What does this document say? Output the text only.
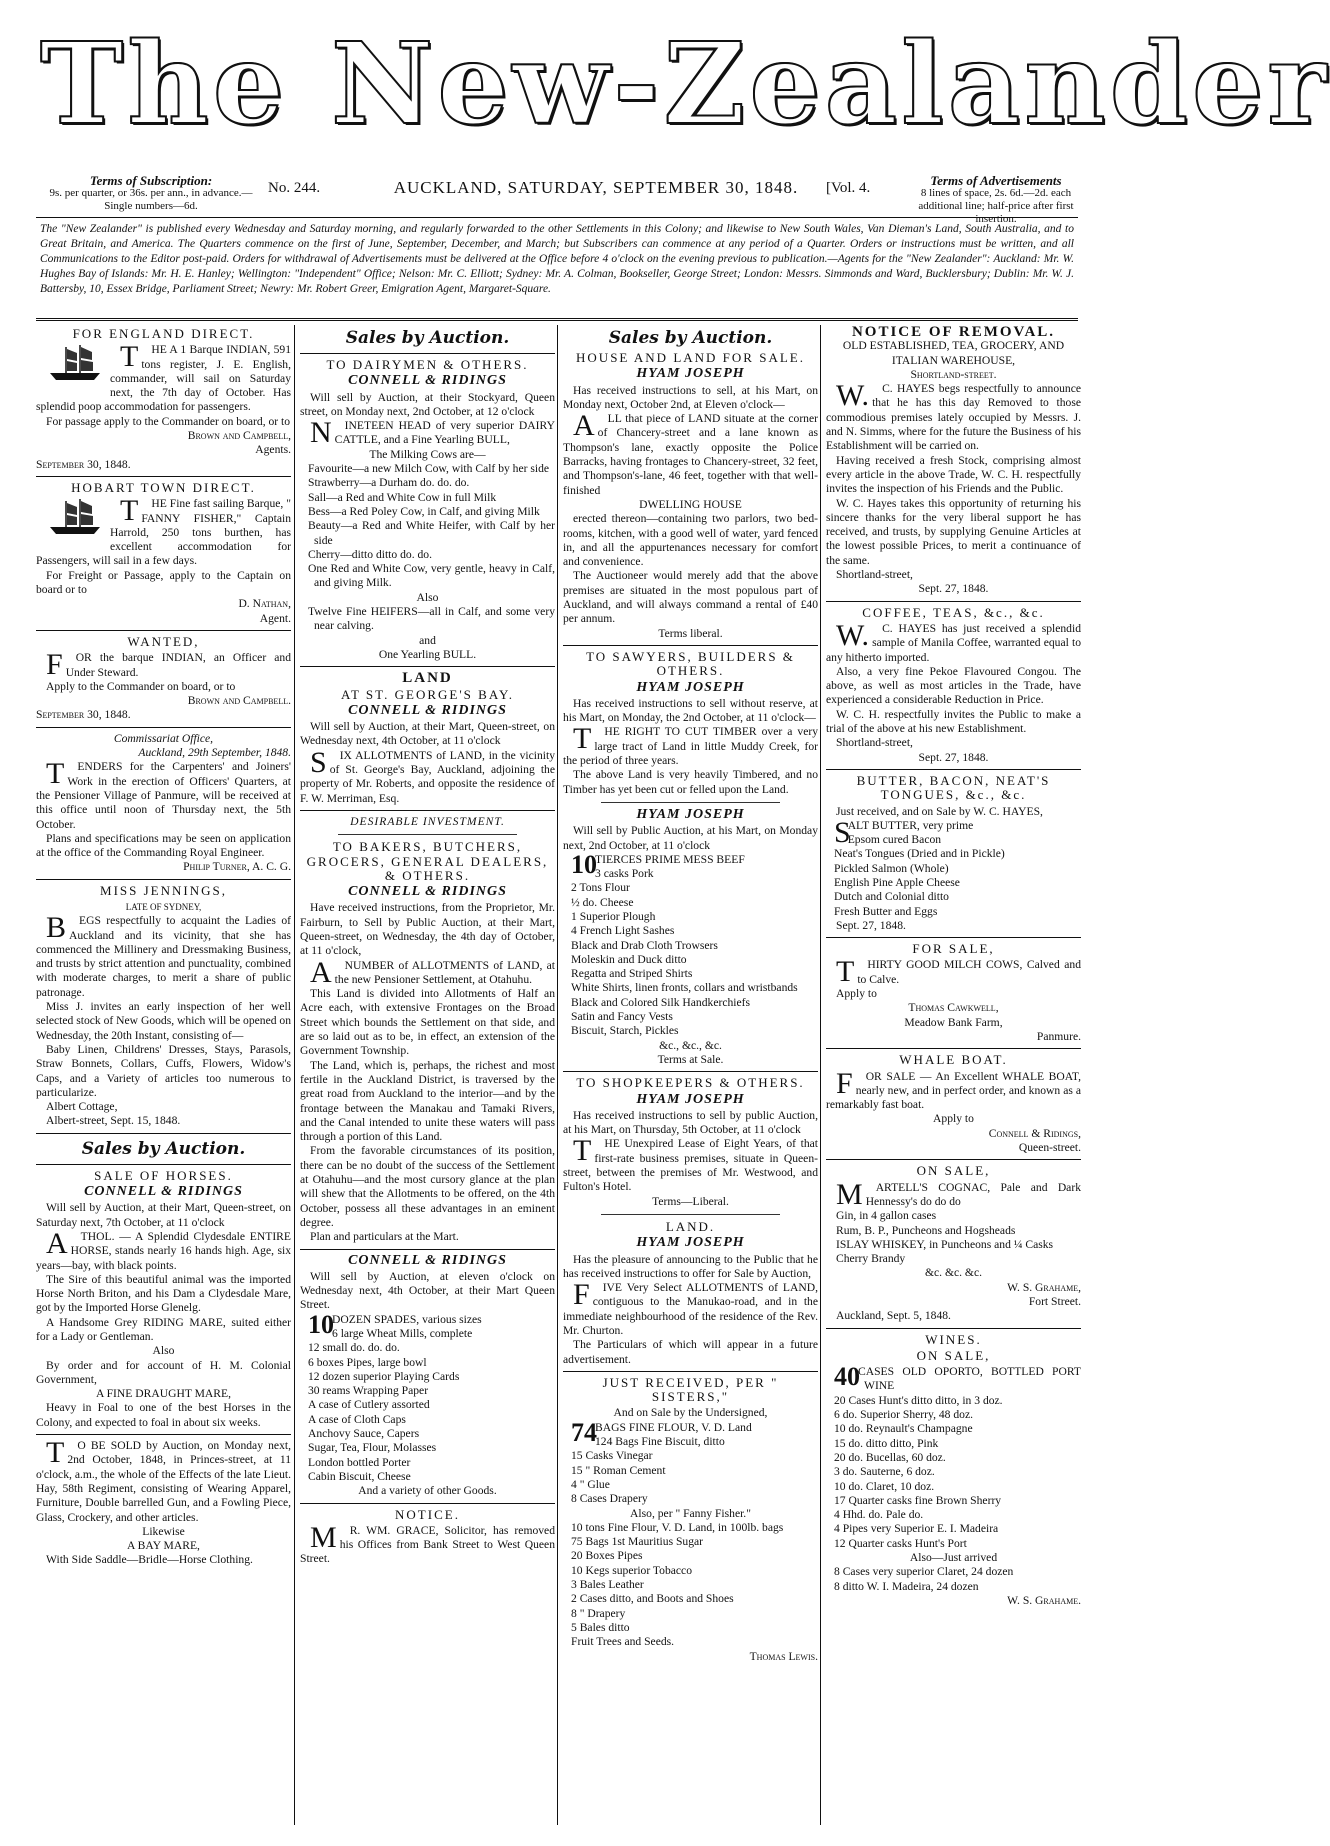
The New-Zealander
Terms of Subscription:
9s. per quarter, or 36s. per ann., in advance.—Single numbers—6d.
No. 244.	AUCKLAND, SATURDAY, SEPTEMBER 30, 1848.	[Vol. 4.	Terms of Advertisements
8 lines of space, 2s. 6d.—2d. each additional line; half-price after first insertion.
The "New Zealander" is published every Wednesday and Saturday morning, and regularly forwarded to the other Settlements in this Colony; and likewise to New South Wales, Van Dieman's Land, South Australia, and to Great Britain, and America. The Quarters commence on the first of June, September, December, and March; but Subscribers can commence at any period of a Quarter. Orders or instructions must be written, and all Communications to the Editor post-paid. Orders for withdrawal of Advertisements must be delivered at the Office before 4 o'clock on the evening previous to publication.—Agents for the "New Zealander": Auckland: Mr. W. Hughes Bay of Islands: Mr. H. E. Hanley; Wellington: "Independent" Office; Nelson: Mr. C. Elliott; Sydney: Mr. A. Colman, Bookseller, George Street; London: Messrs. Simmonds and Ward, Bucklersbury; Dublin: Mr. W. J. Battersby, 10, Essex Bridge, Parliament Street; Newry: Mr. Robert Greer, Emigration Agent, Margaret-Square.
FOR ENGLAND DIRECT.

T HE A 1 Barque INDIAN, 591 tons register, J. E. English, commander, will sail on Saturday next, the 7th day of October. Has splendid poop accommodation for passengers.

For passage apply to the Commander on board, or to

Brown and Campbell,

Agents.

September 30, 1848.

HOBART TOWN DIRECT.

T HE Fine fast sailing Barque, " FANNY FISHER," Captain Harrold, 250 tons burthen, has excellent accommodation for Passengers, will sail in a few days.

For Freight or Passage, apply to the Captain on board or to

D. Nathan,

Agent.

WANTED,

F OR the barque INDIAN, an Officer and Under Steward.

Apply to the Commander on board, or to

Brown and Campbell.

September 30, 1848.

Commissariat Office,

Auckland, 29th September, 1848.

T ENDERS for the Carpenters' and Joiners' Work in the erection of Officers' Quarters, at the Pensioner Village of Panmure, will be received at this office until noon of Thursday next, the 5th October.

Plans and specifications may be seen on application at the office of the Commanding Royal Engineer.

Philip Turner, A. C. G.

MISS JENNINGS,

LATE OF SYDNEY,

B EGS respectfully to acquaint the Ladies of Auckland and its vicinity, that she has commenced the Millinery and Dressmaking Business, and trusts by strict attention and punctuality, combined with moderate charges, to merit a share of public patronage.

Miss J. invites an early inspection of her well selected stock of New Goods, which will be opened on Wednesday, the 20th Instant, consisting of—

Baby Linen, Childrens' Dresses, Stays, Parasols, Straw Bonnets, Collars, Cuffs, Flowers, Widow's Caps, and a Variety of articles too numerous to particularize.

Albert Cottage,

Albert-street, Sept. 15, 1848.

Sales by Auction.
SALE OF HORSES.
CONNELL & RIDINGS

Will sell by Auction, at their Mart, Queen-street, on Saturday next, 7th October, at 11 o'clock

A THOL. — A Splendid Clydesdale ENTIRE HORSE, stands nearly 16 hands high. Age, six years—bay, with black points.

The Sire of this beautiful animal was the imported Horse North Briton, and his Dam a Clydesdale Mare, got by the Imported Horse Glenelg.

A Handsome Grey RIDING MARE, suited either for a Lady or Gentleman.

Also

By order and for account of H. M. Colonial Government,

A FINE DRAUGHT MARE,

Heavy in Foal to one of the best Horses in the Colony, and expected to foal in about six weeks.

T O BE SOLD by Auction, on Monday next, 2nd October, 1848, in Princes-street, at 11 o'clock, a.m., the whole of the Effects of the late Lieut. Hay, 58th Regiment, consisting of Wearing Apparel, Furniture, Double barrelled Gun, and a Fowling Piece, Glass, Crockery, and other articles.

Likewise

A BAY MARE,

With Side Saddle—Bridle—Horse Clothing.

Sales by Auction.
TO DAIRYMEN & OTHERS.
CONNELL & RIDINGS

Will sell by Auction, at their Stockyard, Queen street, on Monday next, 2nd October, at 12 o'clock

N INETEEN HEAD of very superior DAIRY CATTLE, and a Fine Yearling BULL,

The Milking Cows are—

Favourite—a new Milch Cow, with Calf by her side

Strawberry—a Durham do. do. do.

Sall—a Red and White Cow in full Milk

Bess—a Red Poley Cow, in Calf, and giving Milk

Beauty—a Red and White Heifer, with Calf by her side

Cherry—ditto ditto do. do.

One Red and White Cow, very gentle, heavy in Calf, and giving Milk.

Also

Twelve Fine HEIFERS—all in Calf, and some very near calving.

and

One Yearling BULL.

LAND
AT ST. GEORGE'S BAY.
CONNELL & RIDINGS

Will sell by Auction, at their Mart, Queen-street, on Wednesday next, 4th October, at 11 o'clock

S IX ALLOTMENTS of LAND, in the vicinity of St. George's Bay, Auckland, adjoining the property of Mr. Roberts, and opposite the residence of F. W. Merriman, Esq.

DESIRABLE INVESTMENT.

TO BAKERS, BUTCHERS, GROCERS, GENERAL DEALERS, & OTHERS.
CONNELL & RIDINGS

Have received instructions, from the Proprietor, Mr. Fairburn, to Sell by Public Auction, at their Mart, Queen-street, on Wednesday, the 4th day of October, at 11 o'clock,

A NUMBER of ALLOTMENTS of LAND, at the new Pensioner Settlement, at Otahuhu.

This Land is divided into Allotments of Half an Acre each, with extensive Frontages on the Broad Street which bounds the Settlement on that side, and are so laid out as to be, in effect, an extension of the Government Township.

The Land, which is, perhaps, the richest and most fertile in the Auckland District, is traversed by the great road from Auckland to the interior—and by the frontage between the Manakau and Tamaki Rivers, and the Canal intended to unite these waters will pass through a portion of this Land.

From the favorable circumstances of its position, there can be no doubt of the success of the Settlement at Otahuhu—and the most cursory glance at the plan will shew that the Allotments to be offered, on the 4th October, possess all these advantages in an eminent degree.

Plan and particulars at the Mart.

CONNELL & RIDINGS

Will sell by Auction, at eleven o'clock on Wednesday next, 4th October, at their Mart Queen Street.

10
DOZEN SPADES, various sizes

6 large Wheat Mills, complete

12 small do. do. do.

6 boxes Pipes, large bowl

12 dozen superior Playing Cards

30 reams Wrapping Paper

A case of Cutlery assorted

A case of Cloth Caps

Anchovy Sauce, Capers

Sugar, Tea, Flour, Molasses

London bottled Porter

Cabin Biscuit, Cheese

And a variety of other Goods.

NOTICE.

M R. WM. GRACE, Solicitor, has removed his Offices from Bank Street to West Queen Street.

Sales by Auction.
HOUSE AND LAND FOR SALE.
HYAM JOSEPH

Has received instructions to sell, at his Mart, on Monday next, October 2nd, at Eleven o'clock—

A LL that piece of LAND situate at the corner of Chancery-street and a lane known as Thompson's lane, exactly opposite the Police Barracks, having frontages to Chancery-street, 32 feet, and Thompson's-lane, 46 feet, together with that well-finished

DWELLING HOUSE

erected thereon—containing two parlors, two bed-rooms, kitchen, with a good well of water, yard fenced in, and all the appurtenances necessary for comfort and convenience.

The Auctioneer would merely add that the above premises are situated in the most populous part of Auckland, and will always command a rental of £40 per annum.

Terms liberal.

TO SAWYERS, BUILDERS & OTHERS.
HYAM JOSEPH

Has received instructions to sell without reserve, at his Mart, on Monday, the 2nd October, at 11 o'clock—

T HE RIGHT TO CUT TIMBER over a very large tract of Land in little Muddy Creek, for the period of three years.

The above Land is very heavily Timbered, and no Timber has yet been cut or felled upon the Land.

HYAM JOSEPH

Will sell by Public Auction, at his Mart, on Monday next, 2nd October, at 11 o'clock

10
TIERCES PRIME MESS BEEF

3 casks Pork

2 Tons Flour

½ do. Cheese

1 Superior Plough

4 French Light Sashes

Black and Drab Cloth Trowsers

Moleskin and Duck ditto

Regatta and Striped Shirts

White Shirts, linen fronts, collars and wristbands

Black and Colored Silk Handkerchiefs

Satin and Fancy Vests

Biscuit, Starch, Pickles

&c., &c., &c.

Terms at Sale.

TO SHOPKEEPERS & OTHERS.
HYAM JOSEPH

Has received instructions to sell by public Auction, at his Mart, on Thursday, 5th October, at 11 o'clock

T HE Unexpired Lease of Eight Years, of that first-rate business premises, situate in Queen-street, between the premises of Mr. Westwood, and Fulton's Hotel.

Terms—Liberal.

LAND.
HYAM JOSEPH

Has the pleasure of announcing to the Public that he has received instructions to offer for Sale by Auction,

F IVE Very Select ALLOTMENTS of LAND, contiguous to the Manukao-road, and in the immediate neighbourhood of the residence of the Rev. Mr. Churton.

The Particulars of which will appear in a future advertisement.

JUST RECEIVED, PER " SISTERS,"

And on Sale by the Undersigned,

74
BAGS FINE FLOUR, V. D. Land

124 Bags Fine Biscuit, ditto

15 Casks Vinegar

15 " Roman Cement

4 " Glue

8 Cases Drapery

Also, per " Fanny Fisher."

10 tons Fine Flour, V. D. Land, in 100lb. bags

75 Bags 1st Mauritius Sugar

20 Boxes Pipes

10 Kegs superior Tobacco

3 Bales Leather

2 Cases ditto, and Boots and Shoes

8 " Drapery

5 Bales ditto

Fruit Trees and Seeds.

Thomas Lewis.

NOTICE OF REMOVAL.

OLD ESTABLISHED, TEA, GROCERY, AND ITALIAN WAREHOUSE,

Shortland-street.

W. C. HAYES begs respectfully to announce that he has this day Removed to those commodious premises lately occupied by Messrs. J. and N. Simms, where for the future the Business of his Establishment will be carried on.

Having received a fresh Stock, comprising almost every article in the above Trade, W. C. H. respectfully invites the inspection of his Friends and the Public.

W. C. Hayes takes this opportunity of returning his sincere thanks for the very liberal support he has received, and trusts, by supplying Genuine Articles at the lowest possible Prices, to merit a continuance of the same.

Shortland-street,

Sept. 27, 1848.

COFFEE, TEAS, &c., &c.

W. C. HAYES has just received a splendid sample of Manila Coffee, warranted equal to any hitherto imported.

Also, a very fine Pekoe Flavoured Congou. The above, as well as most articles in the Trade, have experienced a considerable Reduction in Price.

W. C. H. respectfully invites the Public to make a trial of the above at his new Establishment.

Shortland-street,

Sept. 27, 1848.

BUTTER, BACON, NEAT'S TONGUES, &c., &c.

Just received, and on Sale by W. C. HAYES,

S
ALT BUTTER, very prime

Epsom cured Bacon

Neat's Tongues (Dried and in Pickle)

Pickled Salmon (Whole)

English Pine Apple Cheese

Dutch and Colonial ditto

Fresh Butter and Eggs

Sept. 27, 1848.

FOR SALE,

T HIRTY GOOD MILCH COWS, Calved and to Calve.

Apply to

Thomas Cawkwell,

Meadow Bank Farm,

Panmure.

WHALE BOAT.

F OR SALE — An Excellent WHALE BOAT, nearly new, and in perfect order, and known as a remarkably fast boat.

Apply to

Connell & Ridings,

Queen-street.

ON SALE,

M ARTELL'S COGNAC, Pale and Dark Hennessy's do do do

Gin, in 4 gallon cases

Rum, B. P., Puncheons and Hogsheads

ISLAY WHISKEY, in Puncheons and ¼ Casks

Cherry Brandy

&c. &c. &c.

W. S. Grahame,

Fort Street.

Auckland, Sept. 5, 1848.

WINES.
ON SALE,

40
CASES OLD OPORTO, BOTTLED PORT WINE

20 Cases Hunt's ditto ditto, in 3 doz.

6 do. Superior Sherry, 48 doz.

10 do. Reynault's Champagne

15 do. ditto ditto, Pink

20 do. Bucellas, 60 doz.

3 do. Sauterne, 6 doz.

10 do. Claret, 10 doz.

17 Quarter casks fine Brown Sherry

4 Hhd. do. Pale do.

4 Pipes very Superior E. I. Madeira

12 Quarter casks Hunt's Port

Also—Just arrived

8 Cases very superior Claret, 24 dozen

8 ditto W. I. Madeira, 24 dozen

W. S. Grahame.
